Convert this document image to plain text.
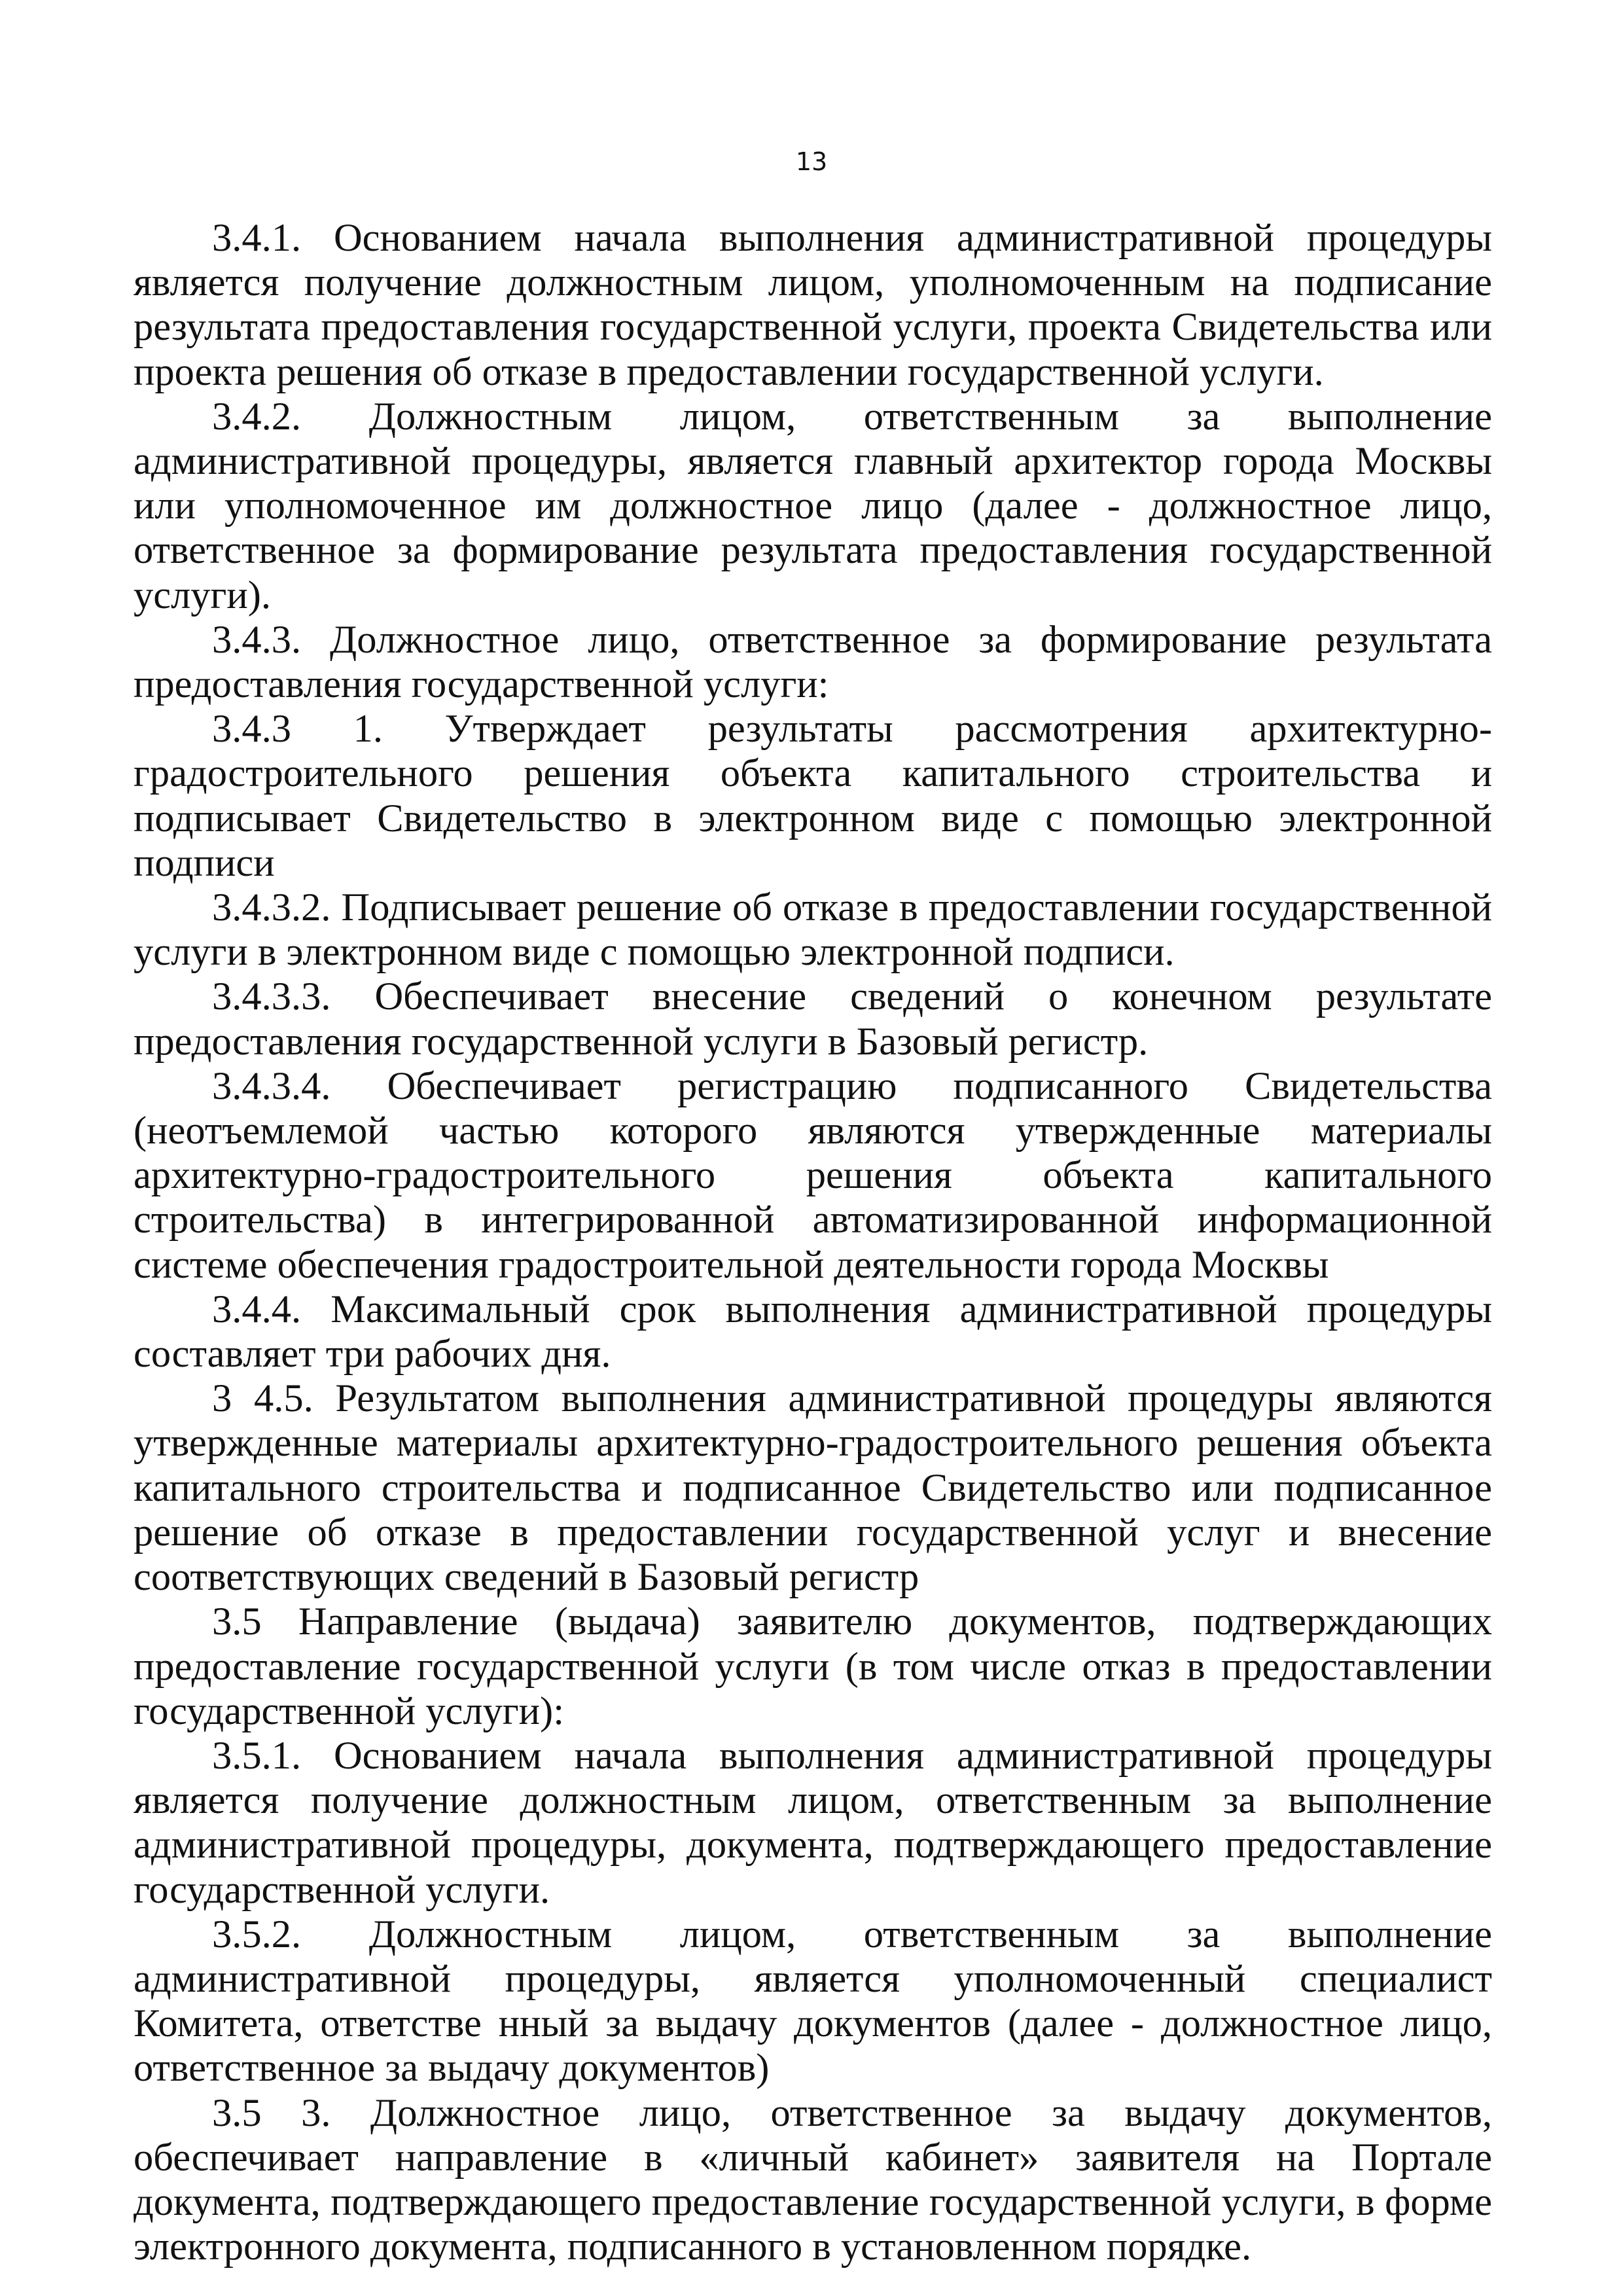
13

3.4.1. Основанием начала выполнения административной процедуры является получение должностным лицом, уполномоченным на подписание результата предоставления государственной услуги, проекта Свидетельства или проекта решения об отказе в предоставлении государственной услуги.

3.4.2. Должностным лицом, ответственным за выполнение административной процедуры, является главный архитектор города Москвы или уполномоченное им должностное лицо (далее - должностное лицо, ответственное за формирование результата предоставления государственной услуги).

3.4.3. Должностное лицо, ответственное за формирование результата предоставления государственной услуги:

3.4.3 1. Утверждает результаты рассмотрения архитектурно-градостроительного решения объекта капитального строительства и подписывает Свидетельство в электронном виде с помощью электронной подписи

3.4.3.2. Подписывает решение об отказе в предоставлении государственной услуги в электронном виде с помощью электронной подписи.

3.4.3.3. Обеспечивает внесение сведений о конечном результате предоставления государственной услуги в Базовый регистр.

3.4.3.4. Обеспечивает регистрацию подписанного Свидетельства (неотъемлемой частью которого являются утвержденные материалы архитектурно-градостроительного решения объекта капитального строительства) в интегрированной автоматизированной информационной системе обеспечения градостроительной деятельности города Москвы

3.4.4. Максимальный срок выполнения административной процедуры составляет три рабочих дня.

3 4.5. Результатом выполнения административной процедуры являются утвержденные материалы архитектурно-градостроительного решения объекта капитального строительства и подписанное Свидетельство или подписанное решение об отказе в предоставлении государственной услуг и внесение соответствующих сведений в Базовый регистр

3.5 Направление (выдача) заявителю документов, подтверждающих предоставление государственной услуги (в том числе отказ в предоставлении государственной услуги):

3.5.1. Основанием начала выполнения административной процедуры является получение должностным лицом, ответственным за выполнение административной процедуры, документа, подтверждающего предоставление государственной услуги.

3.5.2. Должностным лицом, ответственным за выполнение административной процедуры, является уполномоченный специалист Комитета, ответстве нный за выдачу документов (далее - должностное лицо, ответственное за выдачу документов)

3.5 3. Должностное лицо, ответственное за выдачу документов, обеспечивает направление в «личный кабинет» заявителя на Портале документа, подтверждающего предоставление государственной услуги, в форме электронного документа, подписанного в установленном порядке.
